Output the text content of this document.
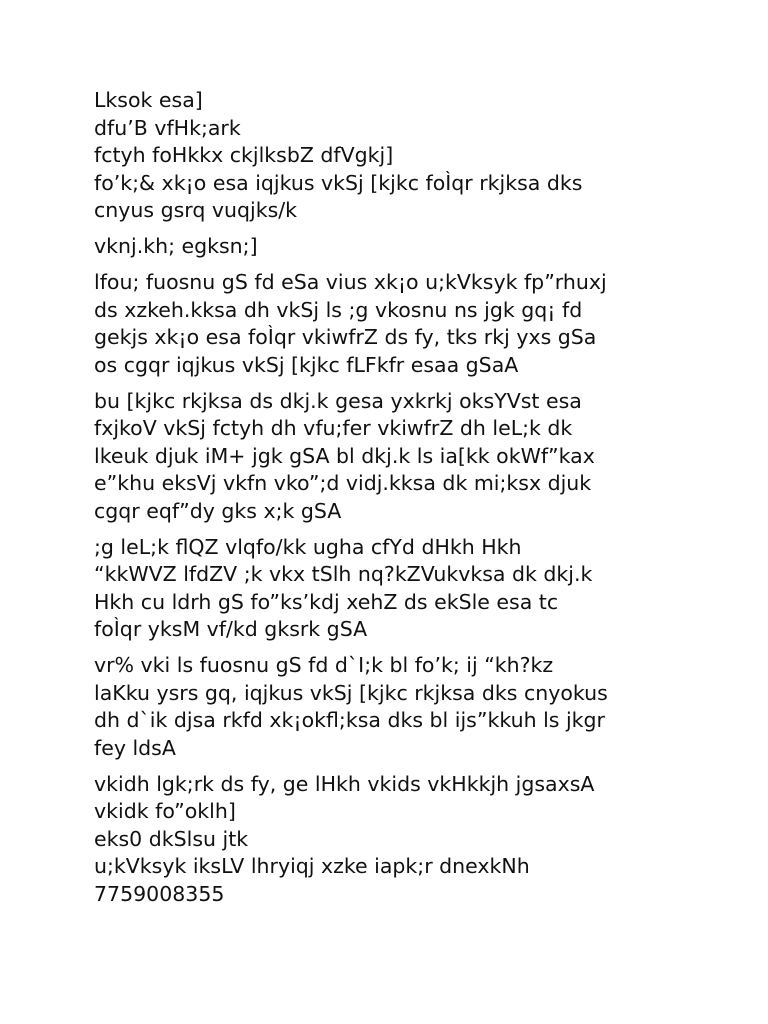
Lksok esa]
dfu’B vfHk;ark
fctyh foHkkx ckjlksbZ dfVgkj]
fo’k;& xk¡o esa iqjkus vkSj [kjkc foÌqr rkjksa dks
cnyus gsrq vuqjks/k
vknj.kh; egksn;]
lfou; fuosnu gS fd eSa vius xk¡o u;kVksyk fp”rhuxj
ds xzkeh.kksa dh vkSj ls ;g vkosnu ns jgk gq¡ fd
gekjs xk¡o esa foÌqr vkiwfrZ ds fy, tks rkj yxs gSa
os cgqr iqjkus vkSj [kjkc fLFkfr esaa gSaA
bu [kjkc rkjksa ds dkj.k gesa yxkrkj oksYVst esa
fxjkoV vkSj fctyh dh vfu;fer vkiwfrZ dh leL;k dk
lkeuk djuk iM+ jgk gSA bl dkj.k ls ia[kk okWf”kax
e”khu eksVj vkfn vko”;d vidj.kksa dk mi;ksx djuk
cgqr eqf”dy gks x;k gSA
;g leL;k flQZ vlqfo/kk ugha cfYd dHkh Hkh
“kkWVZ lfdZV ;k vkx tSlh nq?kZVukvksa dk dkj.k
Hkh cu ldrh gS fo”ks’kdj xehZ ds ekSle esa tc
foÌqr yksM vf/kd gksrk gSA
vr% vki ls fuosnu gS fd d`I;k bl fo’k; ij “kh?kz
laKku ysrs gq, iqjkus vkSj [kjkc rkjksa dks cnyokus
dh d`ik djsa rkfd xk¡okfl;ksa dks bl ijs”kkuh ls jkgr
fey ldsA
vkidh lgk;rk ds fy, ge lHkh vkids vkHkkjh jgsaxsA
vkidk fo”oklh]
eks0 dkSlsu jtk
u;kVksyk iksLV lhryiqj xzke iapk;r dnexkNh
7759008355
